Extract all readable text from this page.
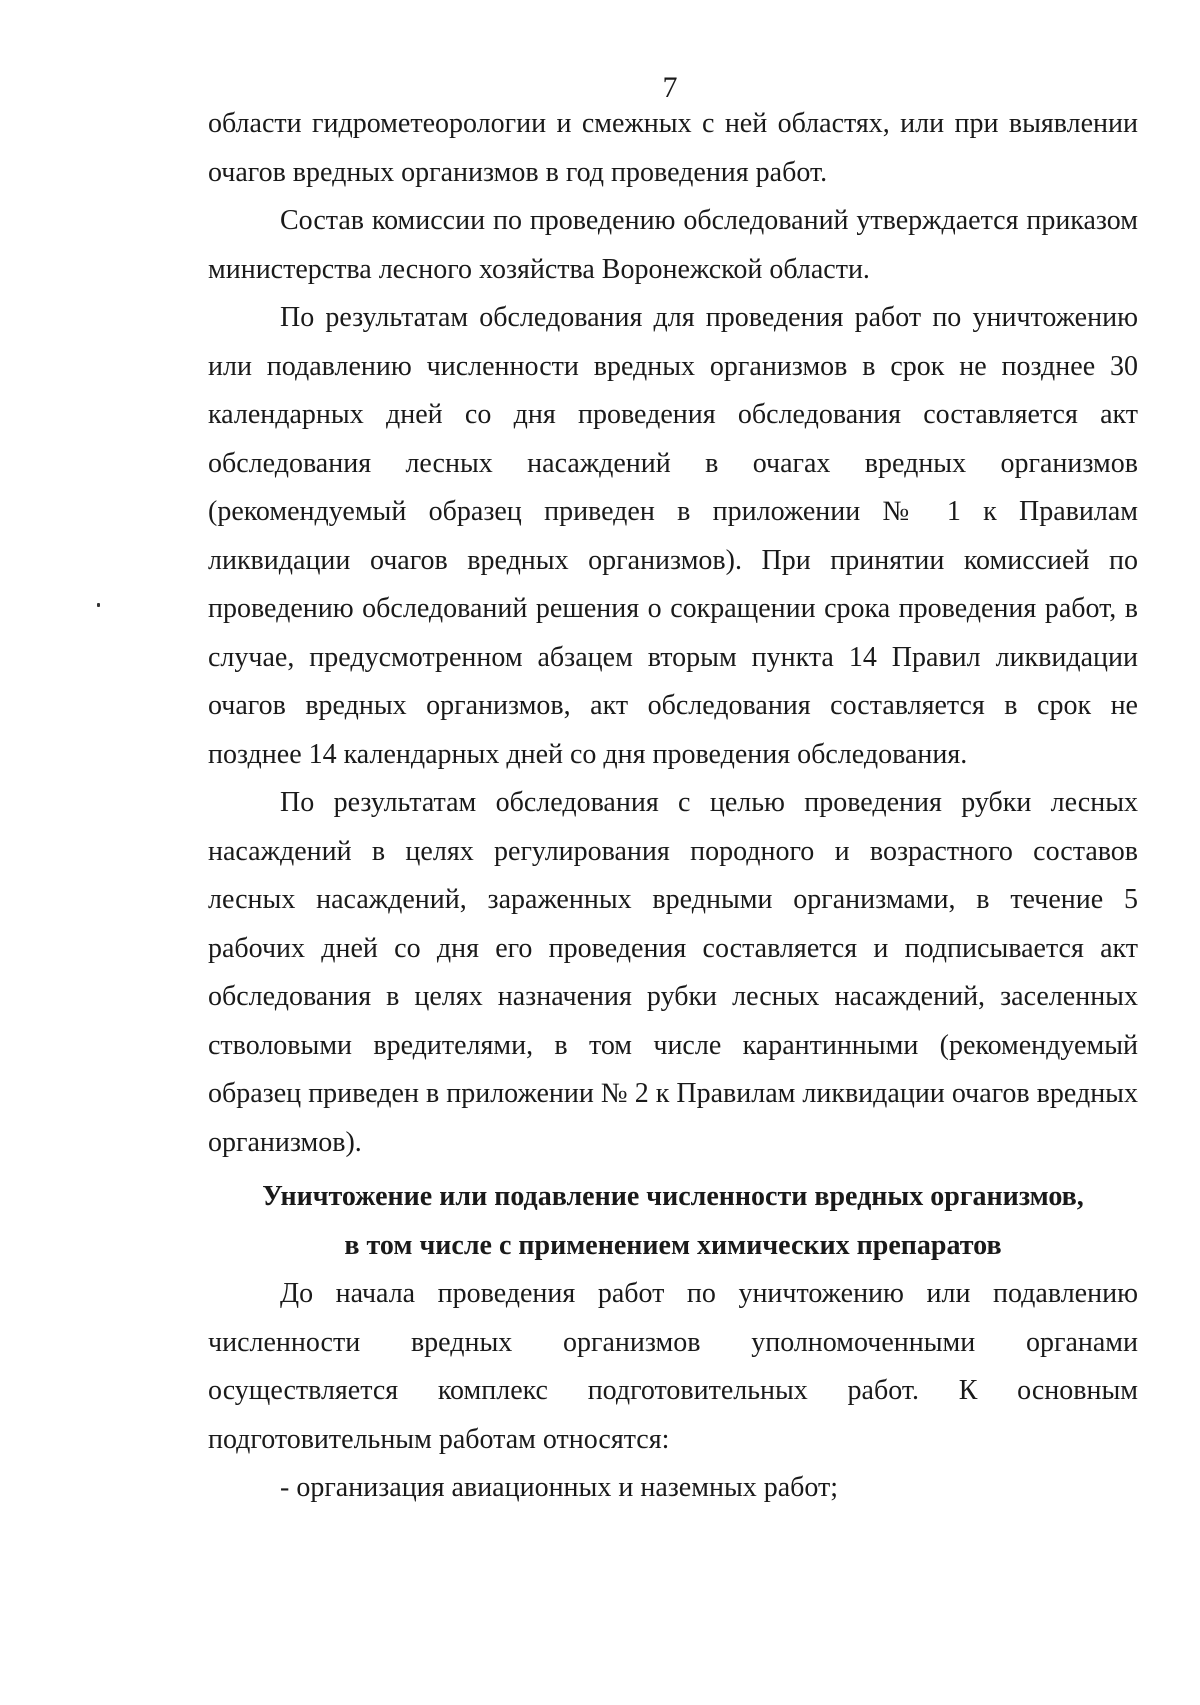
7

области гидрометеорологии и смежных с ней областях, или при выявлении очагов вредных организмов в год проведения работ.

Состав комиссии по проведению обследований утверждается приказом министерства лесного хозяйства Воронежской области.

По результатам обследования для проведения работ по уничтожению или подавлению численности вредных организмов в срок не позднее 30 календарных дней со дня проведения обследования составляется акт обследования лесных насаждений в очагах вредных организмов (рекомендуемый образец приведен в приложении № 1 к Правилам ликвидации очагов вредных организмов). При принятии комиссией по проведению обследований решения о сокращении срока проведения работ, в случае, предусмотренном абзацем вторым пункта 14 Правил ликвидации очагов вредных организмов, акт обследования составляется в срок не позднее 14 календарных дней со дня проведения обследования.

По результатам обследования с целью проведения рубки лесных насаждений в целях регулирования породного и возрастного составов лесных насаждений, зараженных вредными организмами, в течение 5 рабочих дней со дня его проведения составляется и подписывается акт обследования в целях назначения рубки лесных насаждений, заселенных стволовыми вредителями, в том числе карантинными (рекомендуемый образец приведен в приложении № 2 к Правилам ликвидации очагов вредных организмов).

Уничтожение или подавление численности вредных организмов,
в том числе с применением химических препаратов

До начала проведения работ по уничтожению или подавлению численности вредных организмов уполномоченными органами осуществляется комплекс подготовительных работ. К основным подготовительным работам относятся:

- организация авиационных и наземных работ;
